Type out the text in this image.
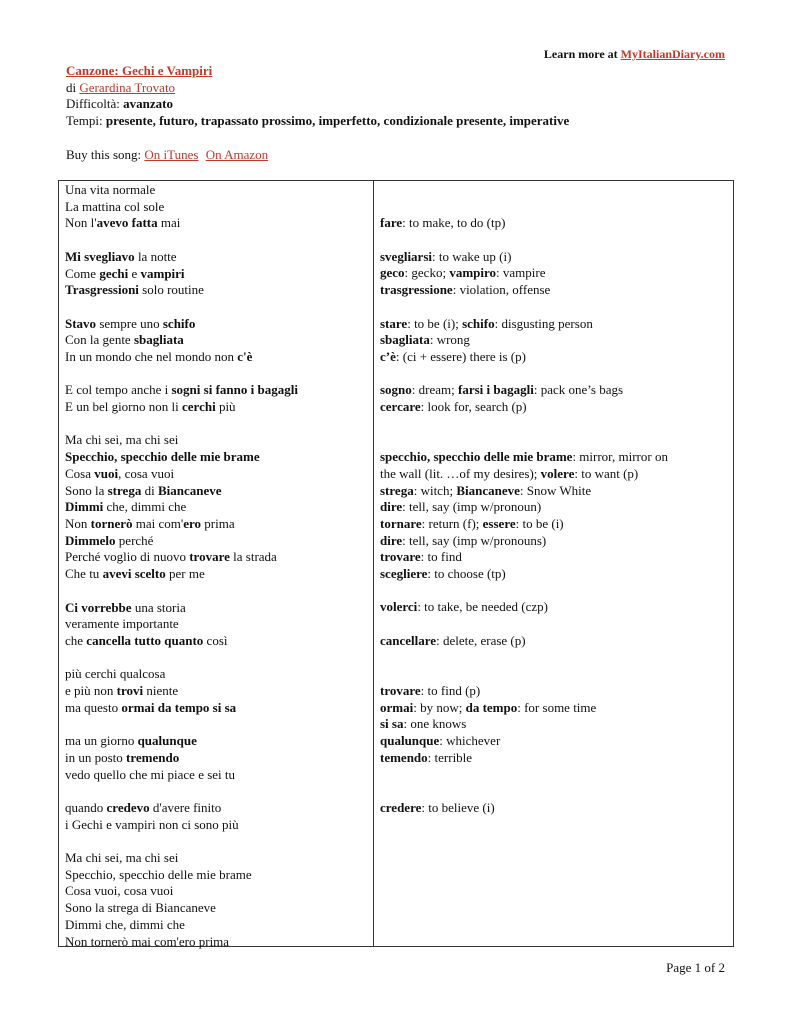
Learn more at MyItalianDiary.com
Canzone: Gechi e Vampiri
di Gerardina Trovato
Difficoltà: avanzato
Tempi: presente, futuro, trapassato prossimo, imperfetto, condizionale presente, imperative
Buy this song: On iTunes On Amazon
Una vita normale
La mattina col sole
Non l'avevo fatta mai
Mi svegliavo la notte
Come gechi e vampiri
Trasgressioni solo routine
Stavo sempre uno schifo
Con la gente sbagliata
In un mondo che nel mondo non c'è
E col tempo anche i sogni si fanno i bagagli
E un bel giorno non li cerchi più
Ma chi sei, ma chi sei
Specchio, specchio delle mie brame
Cosa vuoi, cosa vuoi
Sono la strega di Biancaneve
Dimmi che, dimmi che
Non tornerò mai com'ero prima
Dimmelo perché
Perché voglio di nuovo trovare la strada
Che tu avevi scelto per me
Ci vorrebbe una storia
veramente importante
che cancella tutto quanto così
più cerchi qualcosa
e più non trovi niente
ma questo ormai da tempo si sa
ma un giorno qualunque
in un posto tremendo
vedo quello che mi piace e sei tu
quando credevo d'avere finito
i Gechi e vampiri non ci sono più
Ma chi sei, ma chi sei
Specchio, specchio delle mie brame
Cosa vuoi, cosa vuoi
Sono la strega di Biancaneve
Dimmi che, dimmi che
Non tornerò mai com'ero prima
fare: to make, to do (tp)
svegliarsi: to wake up (i)
geco: gecko; vampiro: vampire
trasgressione: violation, offense
stare: to be (i); schifo: disgusting person
sbagliata: wrong
c’è: (ci + essere) there is (p)
sogno: dream; farsi i bagagli: pack one’s bags
cercare: look for, search (p)
specchio, specchio delle mie brame: mirror, mirror on
the wall (lit. …of my desires); volere: to want (p)
strega: witch; Biancaneve: Snow White
dire: tell, say (imp w/pronoun)
tornare: return (f); essere: to be (i)
dire: tell, say (imp w/pronouns)
trovare: to find
scegliere: to choose (tp)
volerci: to take, be needed (czp)
cancellare: delete, erase (p)
trovare: to find (p)
ormai: by now; da tempo: for some time
si sa: one knows
qualunque: whichever
temendo: terrible
credere: to believe (i)
Page 1 of 2
